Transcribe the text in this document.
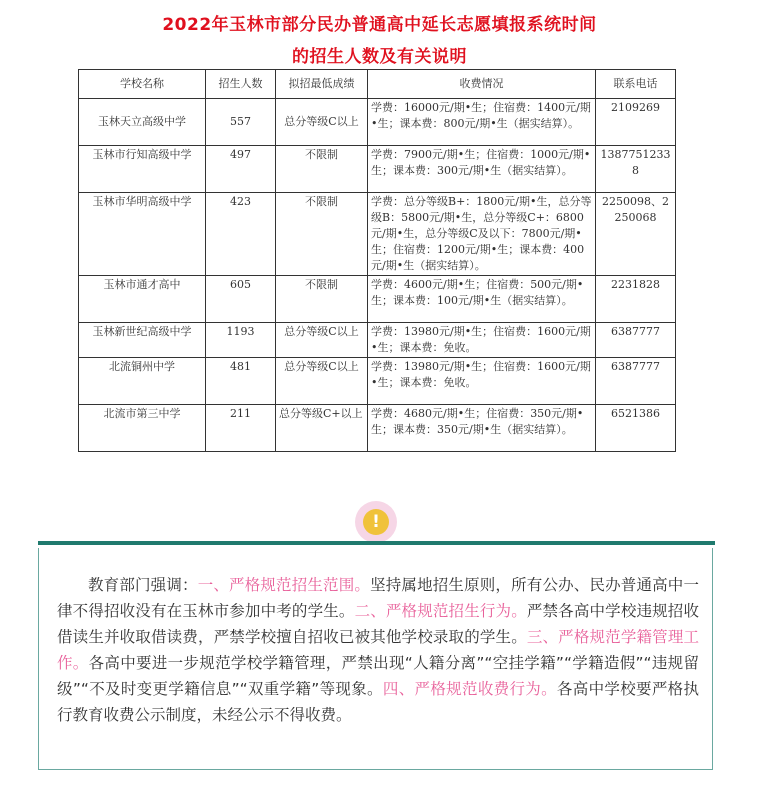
2022年玉林市部分民办普通高中延长志愿填报系统时间
的招生人数及有关说明
学校名称	招生人数	拟招最低成绩	收费情况	联系电话
玉林天立高级中学	557	总分等级C以上	学费：16000元/期•生；住宿费：1400元/期•生；课本费：800元/期•生（据实结算）。	2109269
玉林市行知高级中学	497	不限制	学费：7900元/期•生；住宿费：1000元/期•生；课本费：300元/期•生（据实结算）。	13877512338
玉林市华明高级中学	423	不限制	学费：总分等级B+：1800元/期•生，总分等级B：5800元/期•生，总分等级C+：6800元/期•生，总分等级C及以下：7800元/期•生；住宿费：1200元/期•生；课本费：400元/期•生（据实结算）。	2250098、2250068
玉林市通才高中	605	不限制	学费：4600元/期•生；住宿费：500元/期•生；课本费：100元/期•生（据实结算）。	2231828
玉林新世纪高级中学	1193	总分等级C以上	学费：13980元/期•生；住宿费：1600元/期•生；课本费：免收。	6387777
北流铜州中学	481	总分等级C以上	学费：13980元/期•生；住宿费：1600元/期•生；课本费：免收。	6387777
北流市第三中学	211	总分等级C+以上	学费：4680元/期•生；住宿费：350元/期•生；课本费：350元/期•生（据实结算）。	6521386
!
教育部门强调：一、严格规范招生范围。坚持属地招生原则，所有公办、民办普通高中一律不得招收没有在玉林市参加中考的学生。二、严格规范招生行为。严禁各高中学校违规招收借读生并收取借读费，严禁学校擅自招收已被其他学校录取的学生。三、严格规范学籍管理工作。各高中要进一步规范学校学籍管理，严禁出现“人籍分离”“空挂学籍”“学籍造假”“违规留级”“不及时变更学籍信息”“双重学籍”等现象。四、严格规范收费行为。各高中学校要严格执行教育收费公示制度，未经公示不得收费。
